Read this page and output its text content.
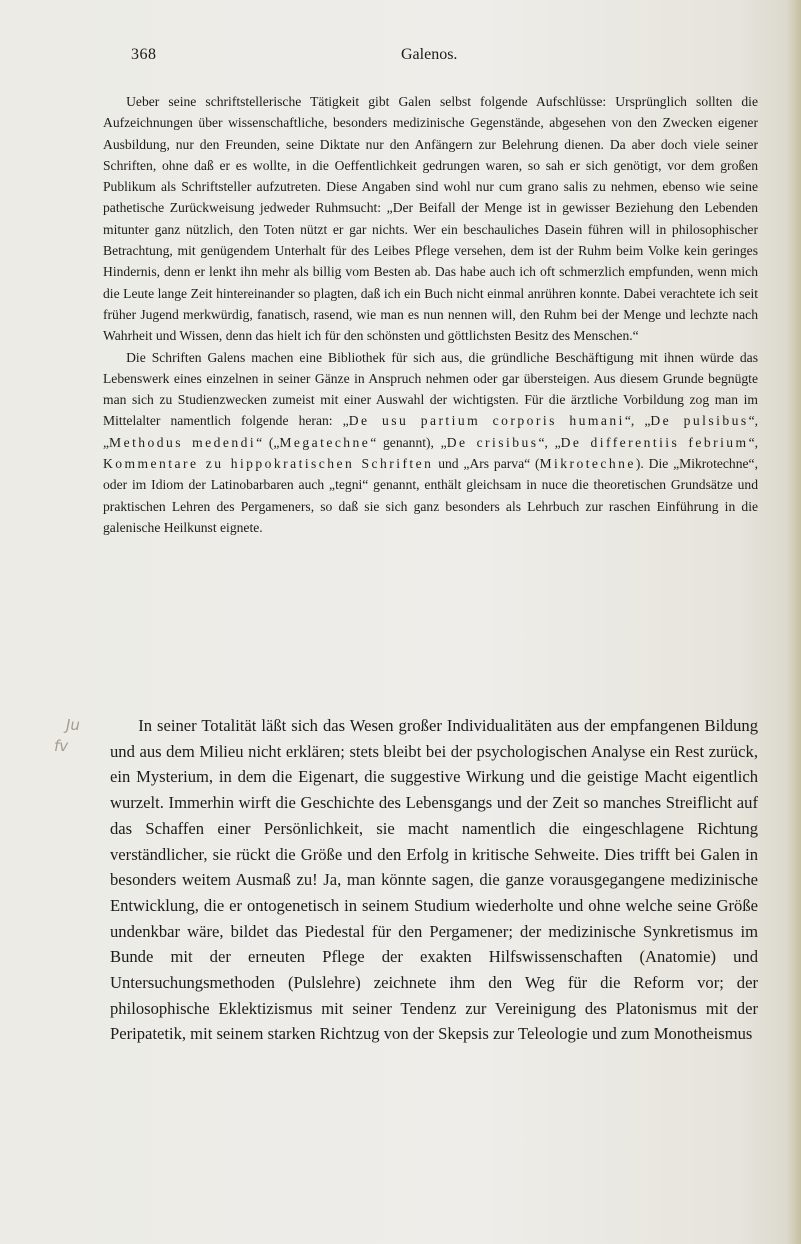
368	Galenos.

Ueber seine schriftstellerische Tätigkeit gibt Galen selbst folgende Aufschlüsse: Ursprünglich sollten die Aufzeichnungen über wissenschaftliche, besonders medizinische Gegenstände, abgesehen von den Zwecken eigener Ausbildung, nur den Freunden, seine Diktate nur den Anfängern zur Belehrung dienen. Da aber doch viele seiner Schriften, ohne daß er es wollte, in die Oeffentlichkeit gedrungen waren, so sah er sich genötigt, vor dem großen Publikum als Schriftsteller aufzutreten. Diese Angaben sind wohl nur cum grano salis zu nehmen, ebenso wie seine pathetische Zurückweisung jedweder Ruhmsucht: „Der Beifall der Menge ist in gewisser Beziehung den Lebenden mitunter ganz nützlich, den Toten nützt er gar nichts. Wer ein beschauliches Dasein führen will in philosophischer Betrachtung, mit genügendem Unterhalt für des Leibes Pflege versehen, dem ist der Ruhm beim Volke kein geringes Hindernis, denn er lenkt ihn mehr als billig vom Besten ab. Das habe auch ich oft schmerzlich empfunden, wenn mich die Leute lange Zeit hintereinander so plagten, daß ich ein Buch nicht einmal anrühren konnte. Dabei verachtete ich seit früher Jugend merkwürdig, fanatisch, rasend, wie man es nun nennen will, den Ruhm bei der Menge und lechzte nach Wahrheit und Wissen, denn das hielt ich für den schönsten und göttlichsten Besitz des Menschen.“

Die Schriften Galens machen eine Bibliothek für sich aus, die gründliche Beschäftigung mit ihnen würde das Lebenswerk eines einzelnen in seiner Gänze in Anspruch nehmen oder gar übersteigen. Aus diesem Grunde begnügte man sich zu Studienzwecken zumeist mit einer Auswahl der wichtigsten. Für die ärztliche Vorbildung zog man im Mittelalter namentlich folgende heran: „De usu partium corporis humani“, „De pulsibus“, „Methodus medendi“ („Megatechne“ genannt), „De crisibus“, „De differentiis febrium“, Kommentare zu hippokratischen Schriften und „Ars parva“ (Mikrotechne). Die „Mikrotechne“, oder im Idiom der Latinobarbaren auch „tegni“ genannt, enthält gleichsam in nuce die theoretischen Grundsätze und praktischen Lehren des Pergameners, so daß sie sich ganz besonders als Lehrbuch zur raschen Einführung in die galenische Heilkunst eignete.

Ju
fv

In seiner Totalität läßt sich das Wesen großer Individualitäten aus der empfangenen Bildung und aus dem Milieu nicht erklären; stets bleibt bei der psychologischen Analyse ein Rest zurück, ein Mysterium, in dem die Eigenart, die suggestive Wirkung und die geistige Macht eigentlich wurzelt. Immerhin wirft die Geschichte des Lebensgangs und der Zeit so manches Streiflicht auf das Schaffen einer Persönlichkeit, sie macht namentlich die eingeschlagene Richtung verständlicher, sie rückt die Größe und den Erfolg in kritische Sehweite. Dies trifft bei Galen in besonders weitem Ausmaß zu! Ja, man könnte sagen, die ganze vorausgegangene medizinische Entwicklung, die er ontogenetisch in seinem Studium wiederholte und ohne welche seine Größe undenkbar wäre, bildet das Piedestal für den Pergamener; der medizinische Synkretismus im Bunde mit der erneuten Pflege der exakten Hilfswissenschaften (Anatomie) und Untersuchungsmethoden (Pulslehre) zeichnete ihm den Weg für die Reform vor; der philosophische Eklektizismus mit seiner Tendenz zur Vereinigung des Platonismus mit der Peripatetik, mit seinem starken Richtzug von der Skepsis zur Teleologie und zum Monotheismus
